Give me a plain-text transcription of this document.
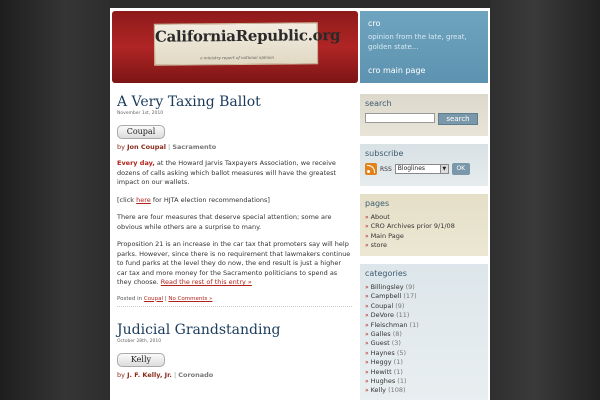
CaliforniaRepublic.org
a ministry report of national opinion
cro
opinion from the late, great, golden state...
cro main page
A Very Taxing Ballot
November 1st, 2010
Coupal
by Jon Coupal | Sacramento

Every day, at the Howard Jarvis Taxpayers Association, we receive dozens of calls asking which ballot measures will have the greatest impact on our wallets.

[click here for HJTA election recommendations]

There are four measures that deserve special attention; some are obvious while others are a surprise to many.

Proposition 21 is an increase in the car tax that promoters say will help parks. However, since there is no requirement that lawmakers continue to fund parks at the level they do now, the end result is just a higher car tax and more money for the Sacramento politicians to spend as they choose. Read the rest of this entry »

Posted in Coupal | No Comments »
Judicial Grandstanding
October 28th, 2010
Kelly
by J. F. Kelly, Jr. | Coronado
search
search
subscribe
RSS	Bloglines	▼	OK
pages
» About
» CRO Archives prior 9/1/08
» Main Page
» store
categories
» Billingsley (9)
» Campbell (17)
» Coupal (9)
» DeVore (11)
» Fleischman (1)
» Galles (8)
» Guest (3)
» Haynes (5)
» Heggy (1)
» Hewitt (1)
» Hughes (1)
» Kelly (108)
